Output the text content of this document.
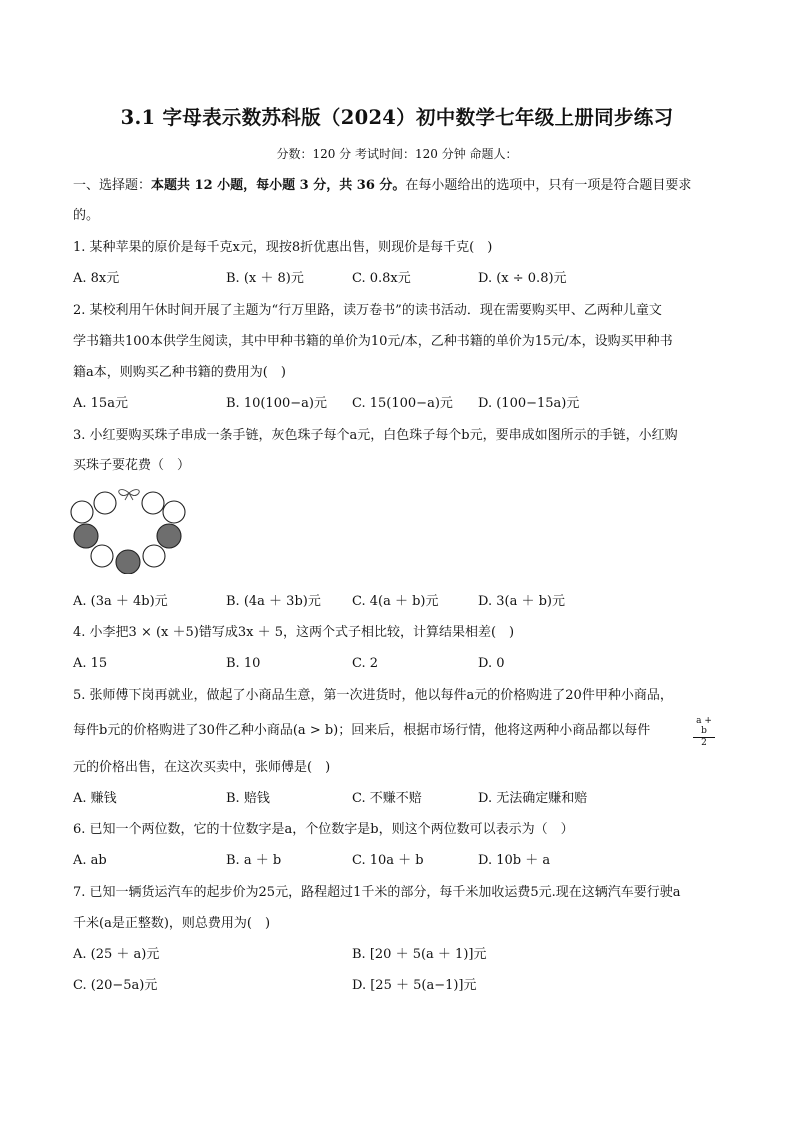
3.1 字母表示数苏科版（2024）初中数学七年级上册同步练习
分数：120 分 考试时间：120 分钟 命题人：
一、选择题：本题共 12 小题，每小题 3 分，共 36 分。在每小题给出的选项中，只有一项是符合题目要求
的。
1. 某种苹果的原价是每千克x元，现按8折优惠出售，则现价是每千克(　)
A. 8x元	B. (x ＋ 8)元	C. 0.8x元	D. (x ÷ 0.8)元
2. 某校利用午休时间开展了主题为“行万里路，读万卷书”的读书活动．现在需要购买甲、乙两种儿童文
学书籍共100本供学生阅读，其中甲种书籍的单价为10元/本，乙种书籍的单价为15元/本，设购买甲种书
籍a本，则购买乙种书籍的费用为(　)
A. 15a元	B. 10(100−a)元 C. 15(100−a)元 D. (100−15a)元
3. 小红要购买珠子串成一条手链，灰色珠子每个a元，白色珠子每个b元，要串成如图所示的手链，小红购
买珠子要花费（　）
A. (3a ＋ 4b)元	B. (4a ＋ 3b)元 C. 4(a ＋ b)元	D. 3(a ＋ b)元
4. 小李把3 × (x ＋5)错写成3x ＋ 5，这两个式子相比较，计算结果相差(　)
A. 15	B. 10	C. 2	D. 0
5. 张师傅下岗再就业，做起了小商品生意，第一次进货时，他以每件a元的价格购进了20件甲种小商品，
每件b元的价格购进了30件乙种小商品(a > b)；回来后，根据市场行情，他将这两种小商品都以每件	$\frac{a + b}{2}$
元的价格出售，在这次买卖中，张师傅是(　)
A. 赚钱	B. 赔钱	C. 不赚不赔	D. 无法确定赚和赔
6. 已知一个两位数，它的十位数字是a，个位数字是b，则这个两位数可以表示为（　）
A. ab	B. a ＋ b	C. 10a ＋ b	D. 10b ＋ a
7. 已知一辆货运汽车的起步价为25元，路程超过1千米的部分，每千米加收运费5元.现在这辆汽车要行驶a
千米(a是正整数)，则总费用为(　)
A. (25 ＋ a)元	B. [20 ＋ 5(a ＋ 1)]元
C. (20−5a)元	D. [25 ＋ 5(a−1)]元
